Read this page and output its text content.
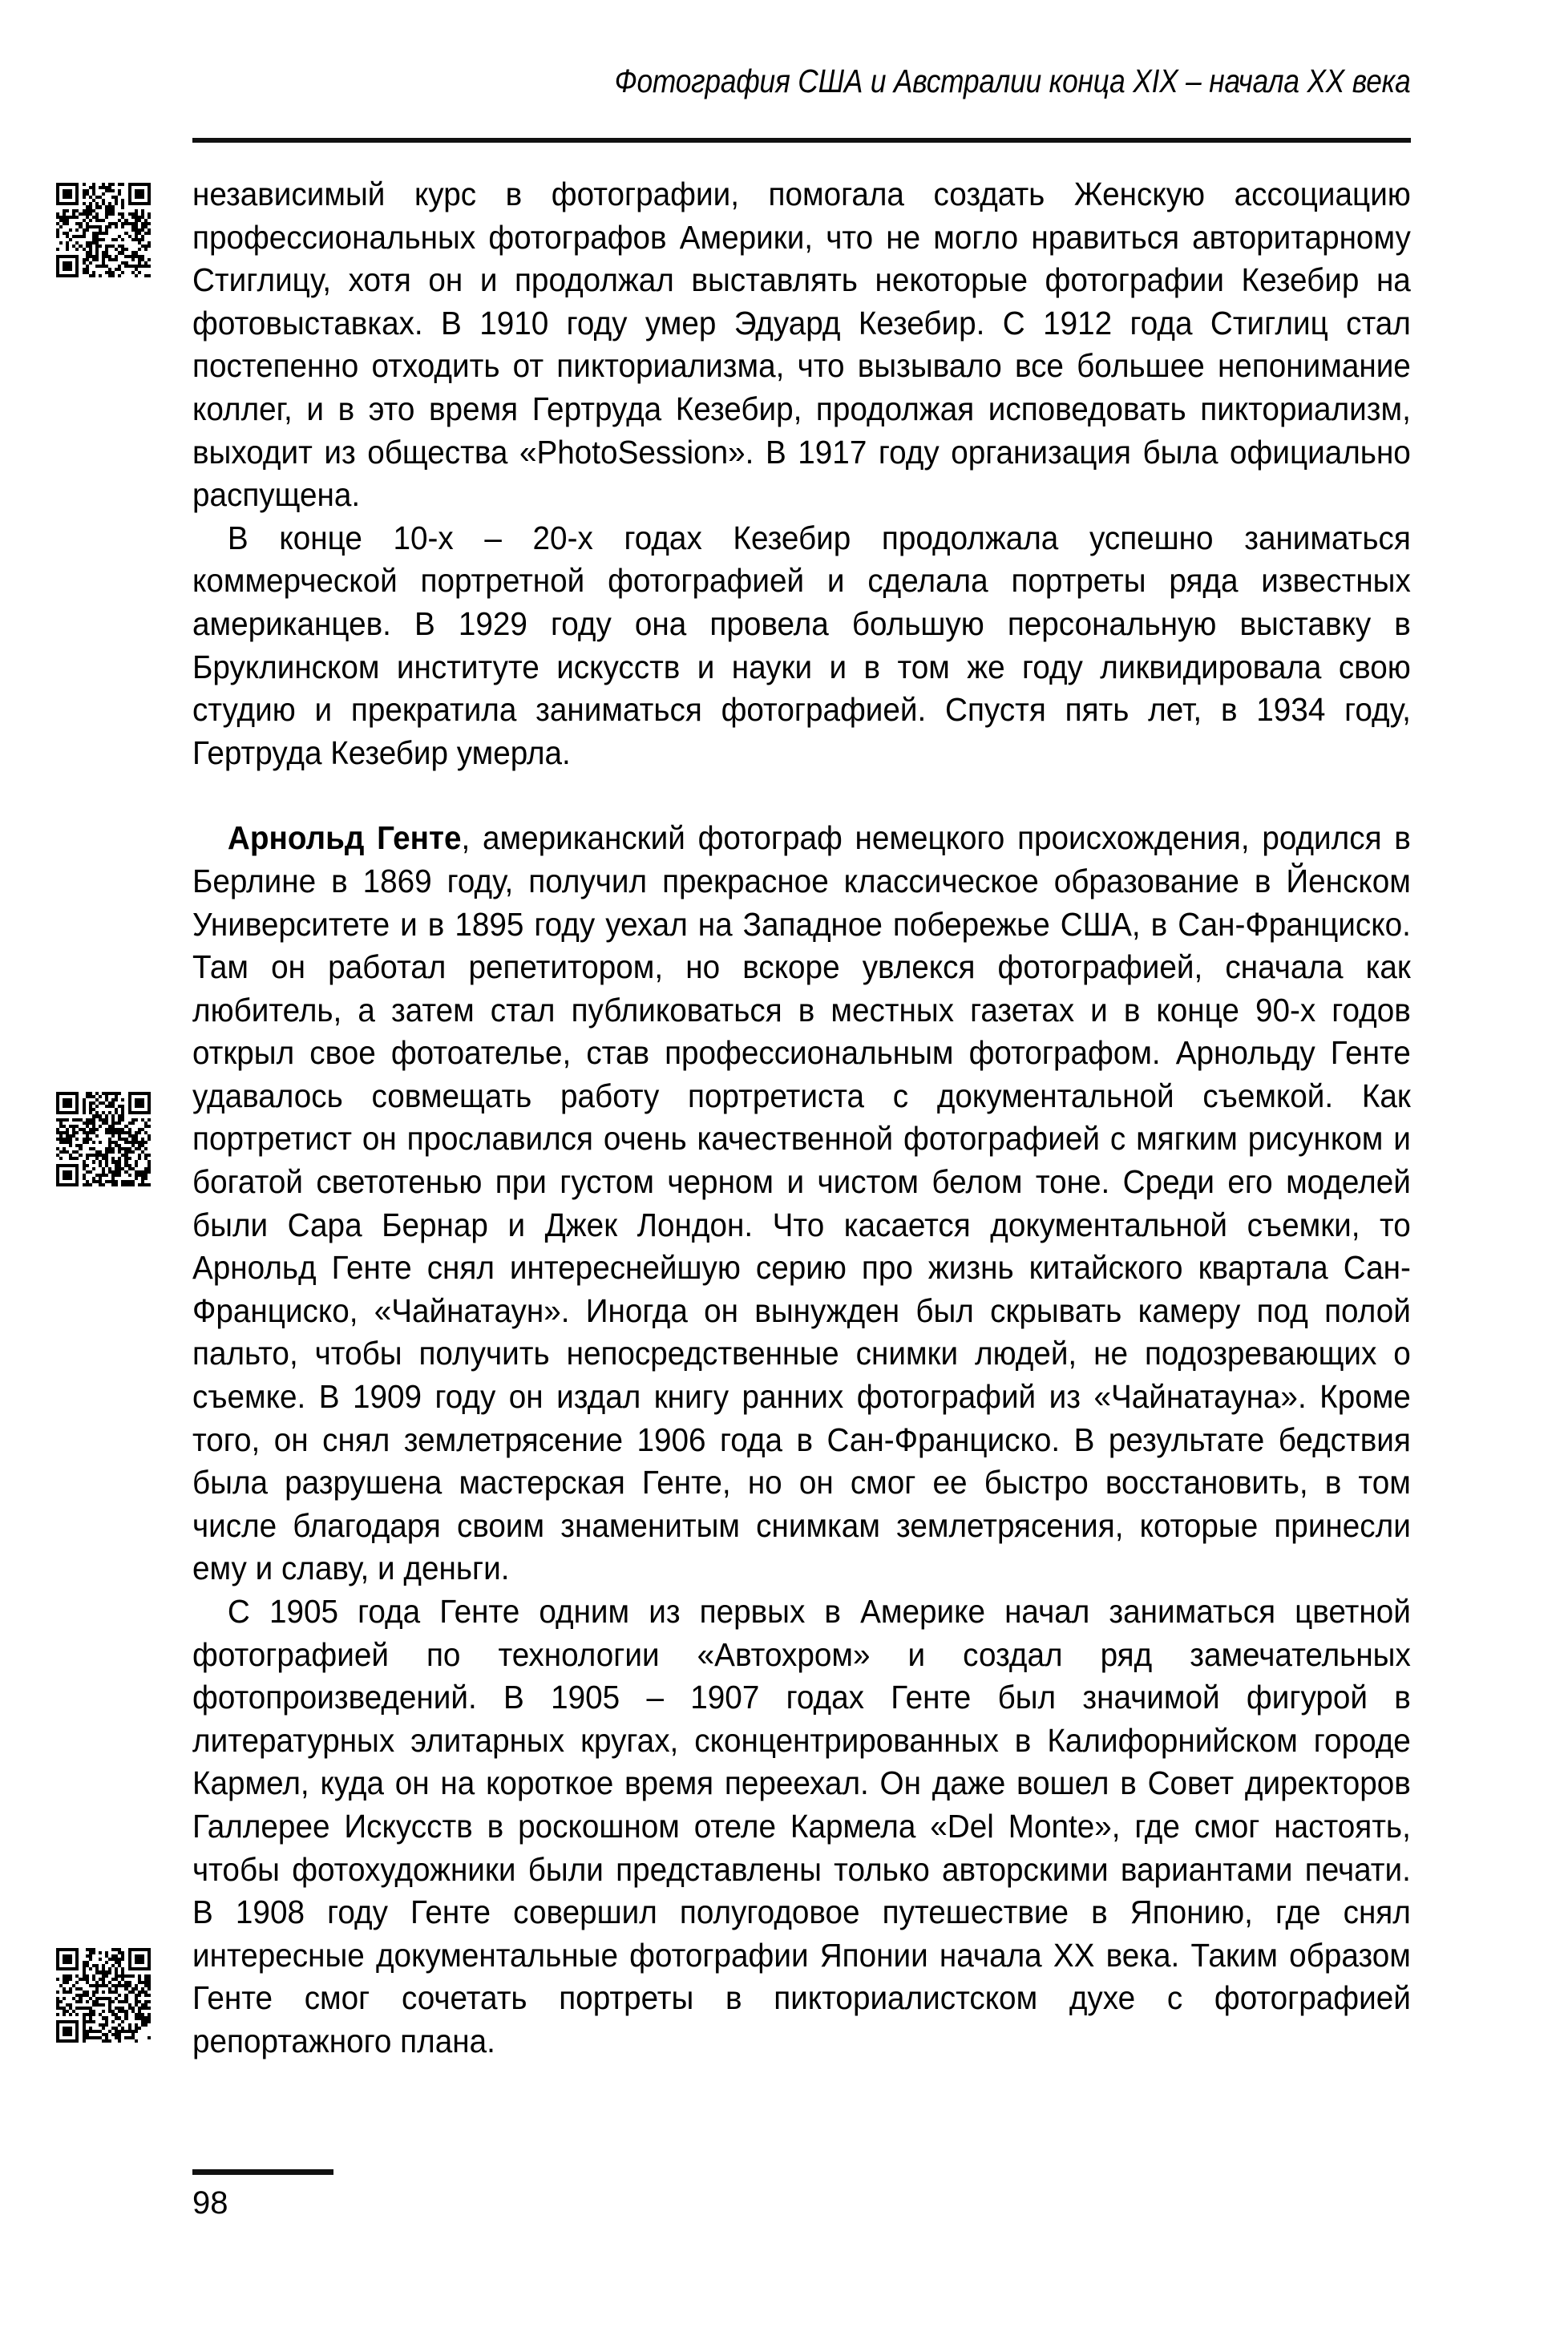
Фотография США и Австралии конца XIX – начала XX века

независимый курс в фотографии, помогала создать Женскую ассоциацию профессиональных фотографов Америки, что не могло нравиться авторитарному Стиглицу, хотя он и продолжал выставлять некоторые фотографии Кезебир на фотовыставках. В 1910 году умер Эдуард Кезебир. С 1912 года Стиглиц стал постепенно отходить от пикториализма, что вызывало все большее непонимание коллег, и в это время Гертруда Кезебир, продолжая исповедовать пикториализм, выходит из общества «PhotoSession». В 1917 году организация была официально распущена.

В конце 10-х – 20-х годах Кезебир продолжала успешно заниматься коммерческой портретной фотографией и сделала портреты ряда известных американцев. В 1929 году она провела большую персональную выставку в Бруклинском институте искусств и науки и в том же году ликвидировала свою студию и прекратила заниматься фотографией. Спустя пять лет, в 1934 году, Гертруда Кезебир умерла.

Арнольд Генте, американский фотограф немецкого происхождения, родился в Берлине в 1869 году, получил прекрасное классическое образование в Йенском Университете и в 1895 году уехал на Западное побережье США, в Сан-Франциско. Там он работал репетитором, но вскоре увлекся фотографией, сначала как любитель, а затем стал публиковаться в местных газетах и в конце 90-х годов открыл свое фотоателье, став профессиональным фотографом. Арнольду Генте удавалось совмещать работу портретиста с документальной съемкой. Как портретист он прославился очень качественной фотографией с мягким рисунком и богатой светотенью при густом черном и чистом белом тоне. Среди его моделей были Сара Бернар и Джек Лондон. Что касается документальной съемки, то Арнольд Генте снял интереснейшую серию про жизнь китайского квартала Сан-Франциско, «Чайнатаун». Иногда он вынужден был скрывать камеру под полой пальто, чтобы получить непосредственные снимки людей, не подозревающих о съемке. В 1909 году он издал книгу ранних фотографий из «Чайнатауна». Кроме того, он снял землетрясение 1906 года в Сан-Франциско. В результате бедствия была разрушена мастерская Генте, но он смог ее быстро восстановить, в том числе благодаря своим знаменитым снимкам землетрясения, которые принесли ему и славу, и деньги.

С 1905 года Генте одним из первых в Америке начал заниматься цветной фотографией по технологии «Автохром» и создал ряд замечательных фотопроизведений. В 1905 – 1907 годах Генте был значимой фигурой в литературных элитарных кругах, сконцентрированных в Калифорнийском городе Кармел, куда он на короткое время переехал. Он даже вошел в Совет директоров Галлерее Искусств в роскошном отеле Кармела «Del Monte», где смог настоять, чтобы фотохудожники были представлены только авторскими вариантами печати. В 1908 году Генте совершил полугодовое путешествие в Японию, где снял интересные документальные фотографии Японии начала XX века. Таким образом Генте смог сочетать портреты в пикториалистском духе с фотографией репортажного плана.

98
